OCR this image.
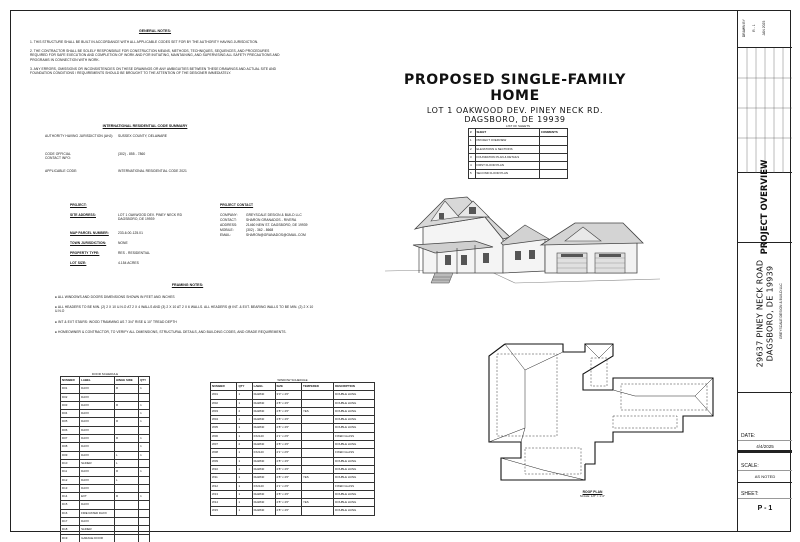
GENERAL NOTES:
1. THIS STRUCTURE SHALL BE BUILT IN ACCORDANCE WITH ALL APPLICABLE CODES SET FOR BY THE AUTHORITY HAVING JURISDICTION.
2. THE CONTRACTOR SHALL BE SOLELY RESPONSIBLE FOR CONSTRUCTION MEANS, METHODS, TECHNIQUES, SEQUENCES, AND PROCEDURES REQUIRED FOR SAFE EXECUTION AND COMPLETION OF WORK AND FOR INITIATING, MAINTAINING, AND SUPERVISING ALL SAFETY PRECAUTIONS AND PROGRAMS IN CONNECTION WITH WORK.
3. ANY ERRORS, OMISSIONS OR INCONSISTENCIES ON THESE DRAWINGS OR ANY AMBIGUITIES BETWEEN THESE DRAWINGS AND ACTUAL SITE AND FOUNDATION CONDITIONS / REQUIREMENTS SHOULD BE BROUGHT TO THE ATTENTION OF THE DESIGNER IMMEDIATELY.
INTERNATIONAL RESIDENTIAL CODE SUMMARY
AUTHORITY HAVING JURISDICTION (AHJ): SUSSEX COUNTY, DELAWARE
CODE OFFICIAL CONTACT INFO:
(302) - 855 - 7860
APPLICABLE CODE:	INTERNATIONAL RESIDENTIAL CODE 2021
PROJECT:
SITE ADDRESS:	LOT 1 OAKWOOD DEV. PINEY NECK RD DAGSBORO, DE 19939
MAP PARCEL NUMBER:	233-6.00-125.01
TOWN JURISDICTION:	NONE
PROPERTY TYPE:	RES - RESIDENTIAL
LOT SIZE:	4.154 ACRES
PROJECT CONTACT
COMPANY:	GREYSCALE DESIGN & BUILD LLC
CONTACT:	SHARON GRANADOS - RIVERA
ADDRESS:	21460 NEW ST. DAGSBORO, DE 19939
MOBILE:	(302) - 362 - 8668
EMAIL:	SHARON@GRANADOS@GMAIL.COM
FRAMING NOTES:
● ALL WINDOWS AND DOORS DIMENSIONS SHOWN IN FEET AND INCHES
● ALL HEADERS TO BE MIN. (2) 2 X 10 U.N.O AT 2 X 4 WALLS AND (3) 2 X 10 AT 2 X 6 WALLS. ALL HEADERS @ INT. & EXT. BEARING WALLS TO BE MIN. (2) 2 X 10 U.N.O
● INT & EXT STAIRS: WOOD TRAMMING AS 7 3/4" RISE & 10" TREAD DEPTH
● HOMEOWNER & CONTRACTOR, TO VERIFY ALL DIMENSIONS, STRUCTURAL DETAILS, AND BUILDING CODES, AND GRADE REQUIREMENTS.
PROPOSED SINGLE-FAMILY HOME
LOT 1 OAKWOOD DEV. PINEY NECK RD.
DAGSBORO, DE 19939
LIST OF SHEETS
#	SHEET	COMMENTS
1	PROJECT OVERVIEW	
2	ELEVATIONS & SECTIONS	
3	FOUNDATION PLAN & DETAILS	
4	FIRST FLOOR PLAN	
5	SECOND FLOOR PLAN	
DOOR SCHEDULE
NUMBER	LABEL	HINGE SIDE	QTY
D01	DAXX	R	1
D02	DAXX		
D03	DAXX	R	1
D04	DAXX		1
D05	DAXX	R	1
D06	DAXX		
D07	DAXX	R	1
D08	DAXX		1
D09	DAXX	L	1
D10	SLIDER	L	
D11	DAXX	R	1
D12	DAXX	L	
D13	DAXX		
D14	EXT	R	1
D15	DAXX		
D16	FIRE RATED DAXX		
D17	DAXX		
D18	SLIDER		
D19	GARAGE DOOR		
WINDOW SCHEDULE
NUMBER	QTY	LABEL	SIZE	TEMPERED	DESCRIPTION
W01	1	DH2840	3'0" x 4'0"		DOUBLE HUNG
W02	1	DH2840	2'8" x 4'0"		DOUBLE HUNG
W03	2	DH2840	2'8" x 4'0"	YES	DOUBLE HUNG
W04	1	DH2840	2'8" x 4'0"		DOUBLE HUNG
W05	1	DH2840	2'8" x 4'0"		DOUBLE HUNG
W06	1	FX2120	2'1" x 2'0"		FIXED GLASS
W07	2	DH2840	2'8" x 4'0"		DOUBLE HUNG
W08	1	FX2120	2'1" x 2'0"		FIXED GLASS
W09	1	DH2840	2'8" x 4'0"		DOUBLE HUNG
W10	1	DH2840	2'8" x 4'0"		DOUBLE HUNG
W11	1	DH2840	2'8" x 4'0"	YES	DOUBLE HUNG
W12	1	FX2120	2'1" x 2'0"		FIXED GLASS
W13	1	DH2840	2'8" x 4'0"		DOUBLE HUNG
W14	1	DH2840	2'8" x 4'0"	YES	DOUBLE HUNG
W15	1	DH2840	2'8" x 4'0"		DOUBLE HUNG
ROOF PLAN
SCALE: 1/8" = 1'-0"
DRAWN BY R - 1 JAN 2025
PROJECT OVERVIEW
29637 PINEY NECK ROAD DAGSBORO, DE 19939 GREYSCALE DESIGN & BUILD LLC
DATE:
4/4/2025
SCALE:
AS NOTED
SHEET:
P - 1
